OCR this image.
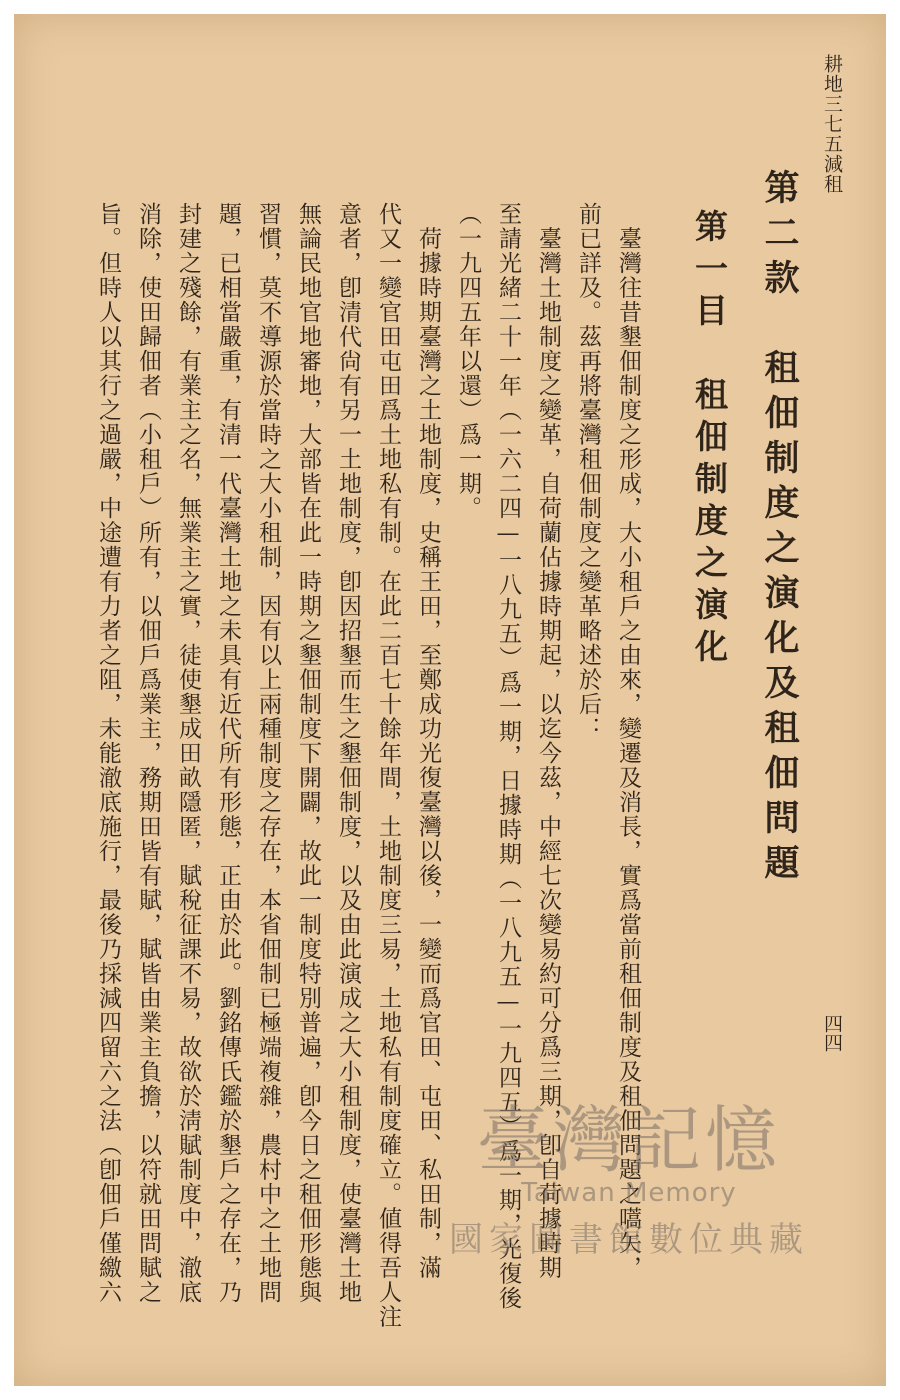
耕地三七五減租
四四
第二款　租佃制度之演化及租佃問題
第一目　租佃制度之演化
　臺灣往昔墾佃制度之形成，大小租戶之由來，變遷及消長，實爲當前租佃制度及租佃問題之嚆矢，
前已詳及。茲再將臺灣租佃制度之變革略述於后：
　臺灣土地制度之變革，自荷蘭佔據時期起，以迄今茲，中經七次變易約可分爲三期，卽自荷據時期
至請光緒二十一年（一六二四—一八九五）爲一期，日據時期（一八九五—一九四五）爲一期，光復後
（一九四五年以還）爲一期。
　荷據時期臺灣之土地制度，史稱王田，至鄭成功光復臺灣以後，一變而爲官田、屯田、私田制，滿
代又一變官田屯田爲土地私有制。在此二百七十餘年間，土地制度三易，土地私有制度確立。値得吾人注
意者，卽清代尙有另一土地制度，卽因招墾而生之墾佃制度，以及由此演成之大小租制度，使臺灣土地
無論民地官地審地，大部皆在此一時期之墾佃制度下開闢，故此一制度特別普遍，卽今日之租佃形態與
習慣，莫不導源於當時之大小租制，因有以上兩種制度之存在，本省佃制已極端複雜，農村中之土地問
題，已相當嚴重，有清一代臺灣土地之未具有近代所有形態，正由於此。劉銘傳氏鑑於墾戶之存在，乃
封建之殘餘，有業主之名，無業主之實，徒使墾成田畝隱匿，賦稅征課不易，故欲於淸賦制度中，澈底
消除，使田歸佃者（小租戶）所有，以佃戶爲業主，務期田皆有賦，賦皆由業主負擔，以符就田問賦之
旨。但時人以其行之過嚴，中途遭有力者之阻，未能澈底施行，最後乃採減四留六之法（卽佃戶僅繳六	臺灣記憶
Taiwan Memory
國家圖書館數位典藏
